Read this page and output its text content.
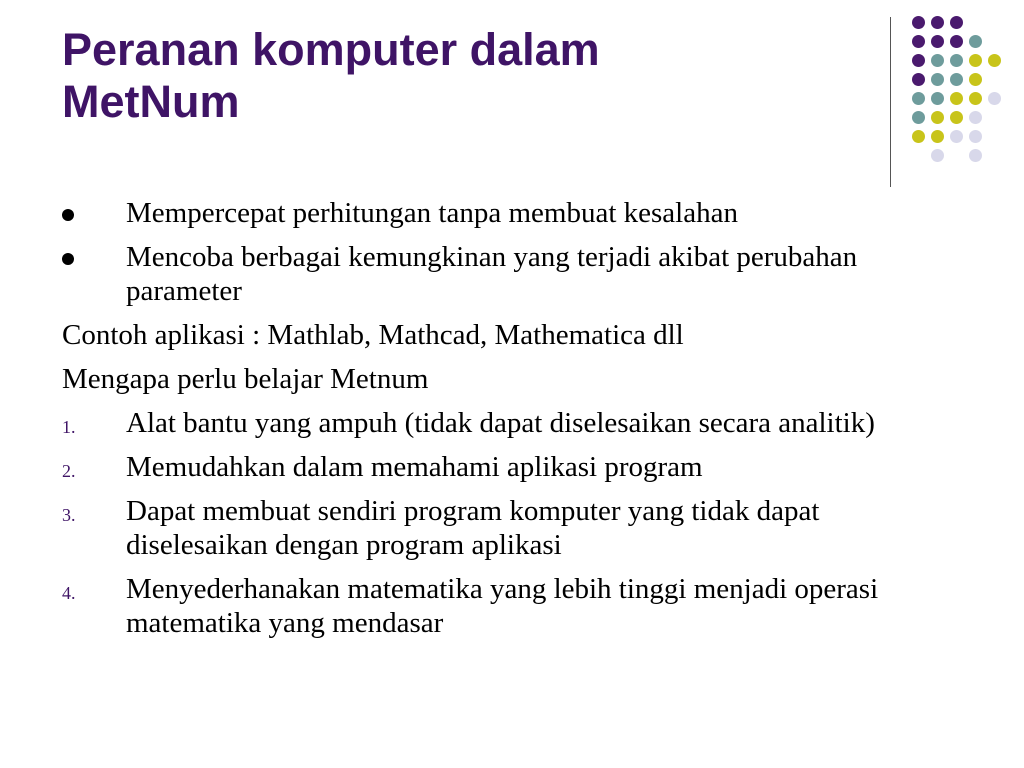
Peranan komputer dalam
MetNum
Mempercepat perhitungan tanpa membuat kesalahan
Mencoba berbagai kemungkinan yang terjadi akibat perubahan parameter
Contoh aplikasi : Mathlab, Mathcad, Mathematica dll
Mengapa perlu belajar Metnum
1. Alat bantu yang ampuh (tidak dapat diselesaikan secara analitik)
2. Memudahkan dalam memahami aplikasi program
3. Dapat membuat sendiri program komputer yang tidak dapat diselesaikan dengan program aplikasi
4. Menyederhanakan matematika yang lebih tinggi menjadi operasi matematika yang mendasar
